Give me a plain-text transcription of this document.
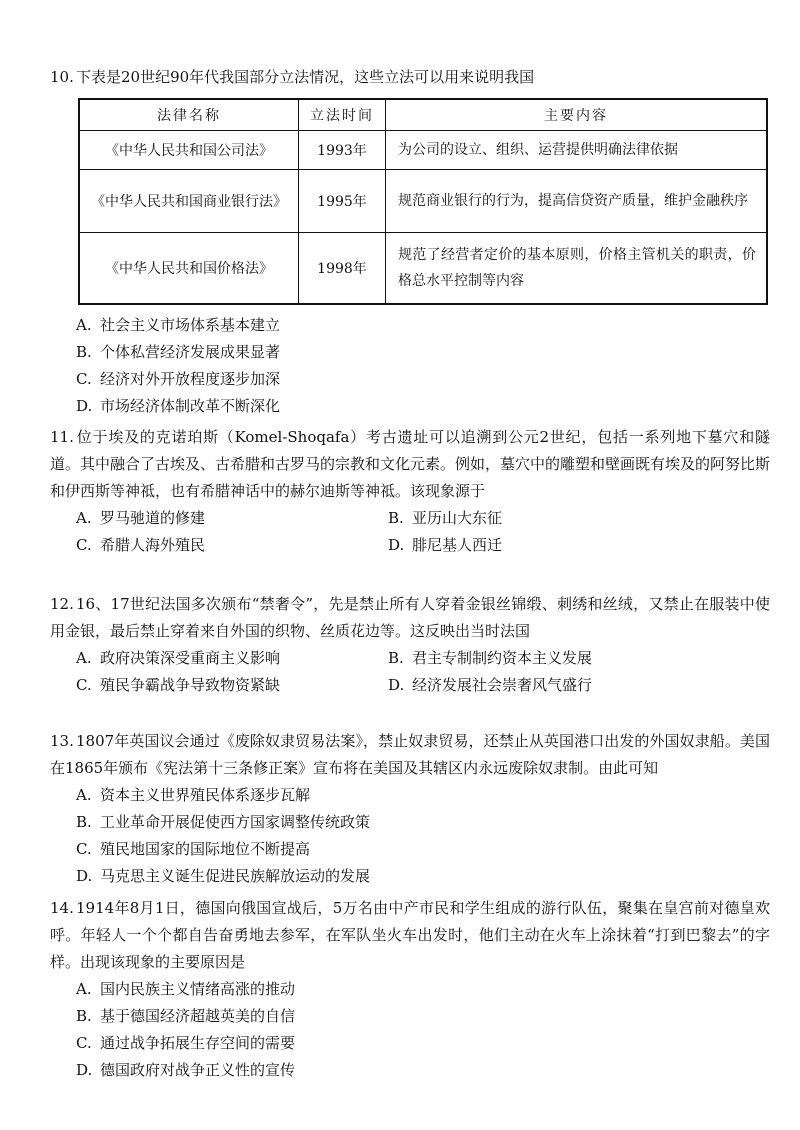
10. 下表是20世纪90年代我国部分立法情况，这些立法可以用来说明我国
法律名称	立法时间	主要内容
《中华人民共和国公司法》	1993年	为公司的设立、组织、运营提供明确法律依据
《中华人民共和国商业银行法》	1995年	规范商业银行的行为，提高信贷资产质量，维护金融秩序
《中华人民共和国价格法》	1998年	规范了经营者定价的基本原则，价格主管机关的职责，价格总水平控制等内容
A. 社会主义市场体系基本建立
B. 个体私营经济发展成果显著
C. 经济对外开放程度逐步加深
D. 市场经济体制改革不断深化
11. 位于埃及的克诺珀斯（Komel-Shoqafa）考古遗址可以追溯到公元2世纪，包括一系列地下墓穴和隧道。其中融合了古埃及、古希腊和古罗马的宗教和文化元素。例如，墓穴中的雕塑和壁画既有埃及的阿努比斯和伊西斯等神祗，也有希腊神话中的赫尔迪斯等神祗。该现象源于
A. 罗马驰道的修建	B. 亚历山大东征
C. 希腊人海外殖民	D. 腓尼基人西迁
12. 16、17世纪法国多次颁布“禁奢令”，先是禁止所有人穿着金银丝锦缎、刺绣和丝绒，又禁止在服装中使用金银，最后禁止穿着来自外国的织物、丝质花边等。这反映出当时法国
A. 政府决策深受重商主义影响	B. 君主专制制约资本主义发展
C. 殖民争霸战争导致物资紧缺	D. 经济发展社会崇奢风气盛行
13. 1807年英国议会通过《废除奴隶贸易法案》，禁止奴隶贸易，还禁止从英国港口出发的外国奴隶船。美国在1865年颁布《宪法第十三条修正案》宣布将在美国及其辖区内永远废除奴隶制。由此可知
A. 资本主义世界殖民体系逐步瓦解
B. 工业革命开展促使西方国家调整传统政策
C. 殖民地国家的国际地位不断提高
D. 马克思主义诞生促进民族解放运动的发展
14. 1914年8月1日，德国向俄国宣战后，5万名由中产市民和学生组成的游行队伍，聚集在皇宫前对德皇欢呼。年轻人一个个都自告奋勇地去参军，在军队坐火车出发时，他们主动在火车上涂抹着“打到巴黎去”的字样。出现该现象的主要原因是
A. 国内民族主义情绪高涨的推动
B. 基于德国经济超越英美的自信
C. 通过战争拓展生存空间的需要
D. 德国政府对战争正义性的宣传
